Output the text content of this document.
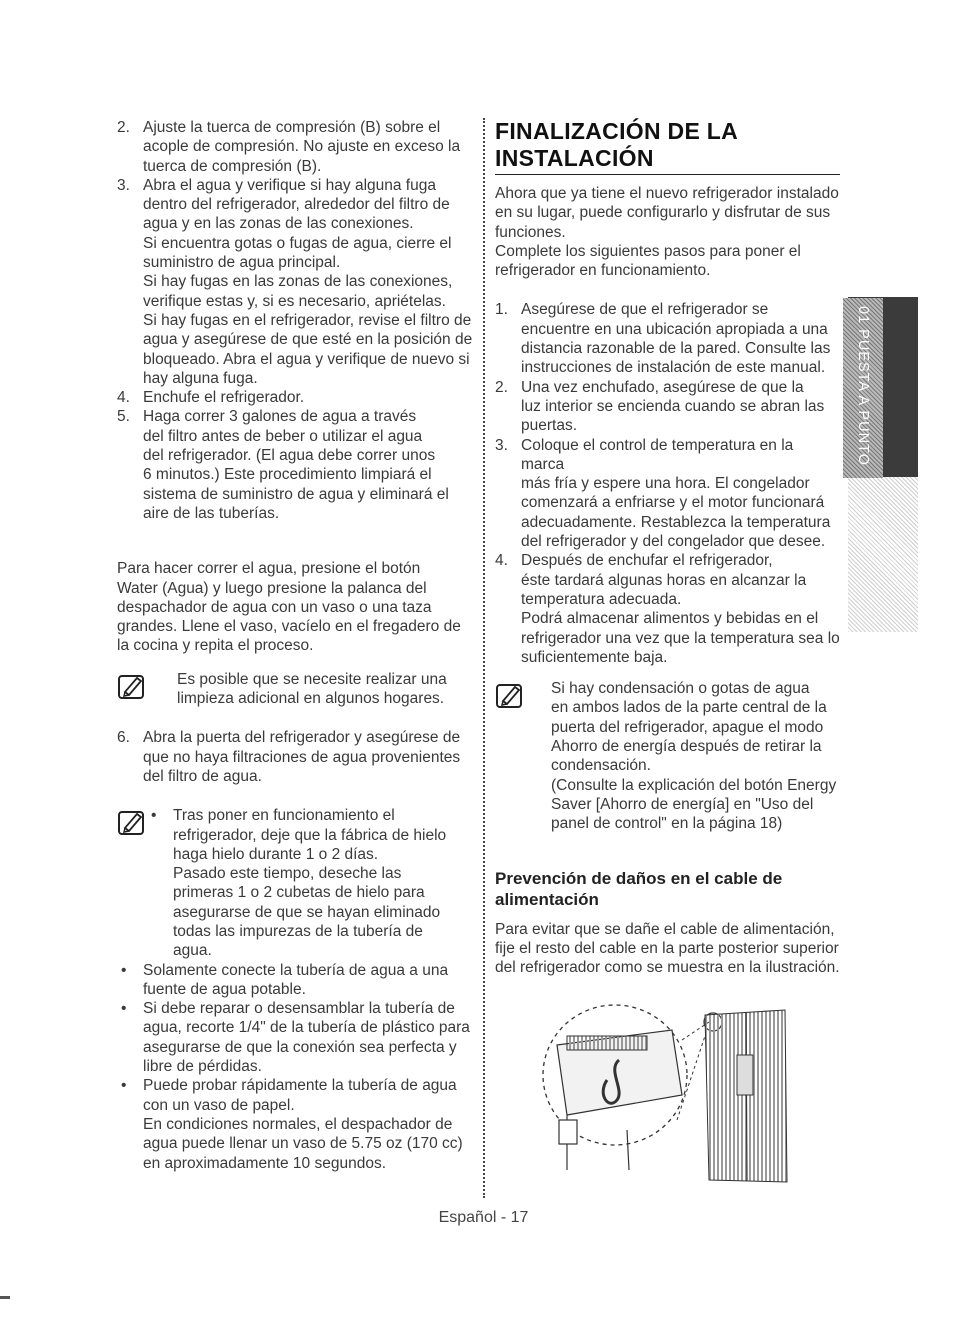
2. Ajuste la tuerca de compresión (B) sobre el
acople de compresión. No ajuste en exceso la
tuerca de compresión (B).
3. Abra el agua y verifique si hay alguna fuga
dentro del refrigerador, alrededor del filtro de
agua y en las zonas de las conexiones.
Si encuentra gotas o fugas de agua, cierre el
suministro de agua principal.
Si hay fugas en las zonas de las conexiones,
verifique estas y, si es necesario, apriételas.
Si hay fugas en el refrigerador, revise el filtro de
agua y asegúrese de que esté en la posición de
bloqueado. Abra el agua y verifique de nuevo si
hay alguna fuga.
4. Enchufe el refrigerador.
5. Haga correr 3 galones de agua a través
del filtro antes de beber o utilizar el agua
del refrigerador. (El agua debe correr unos
6 minutos.) Este procedimiento limpiará el
sistema de suministro de agua y eliminará el
aire de las tuberías.

Para hacer correr el agua, presione el botón
Water (Agua) y luego presione la palanca del
despachador de agua con un vaso o una taza
grandes. Llene el vaso, vacíelo en el fregadero de
la cocina y repita el proceso.

Es posible que se necesite realizar una
limpieza adicional en algunos hogares.

6. Abra la puerta del refrigerador y asegúrese de
que no haya filtraciones de agua provenientes
del filtro de agua.
•	Tras poner en funcionamiento el
refrigerador, deje que la fábrica de hielo
haga hielo durante 1 o 2 días.
Pasado este tiempo, deseche las
primeras 1 o 2 cubetas de hielo para
asegurarse de que se hayan eliminado
todas las impurezas de la tubería de
agua.

•	Solamente conecte la tubería de agua a una
fuente de agua potable.
•	Si debe reparar o desensamblar la tubería de
agua, recorte 1/4" de la tubería de plástico para
asegurarse de que la conexión sea perfecta y
libre de pérdidas.
•	Puede probar rápidamente la tubería de agua
con un vaso de papel.
En condiciones normales, el despachador de
agua puede llenar un vaso de 5.75 oz (170 cc)
en aproximadamente 10 segundos.
FINALIZACIÓN DE LA
INSTALACIÓN

Ahora que ya tiene el nuevo refrigerador instalado
en su lugar, puede configurarlo y disfrutar de sus
funciones.
Complete los siguientes pasos para poner el
refrigerador en funcionamiento.

1. Asegúrese de que el refrigerador se
encuentre en una ubicación apropiada a una
distancia razonable de la pared. Consulte las
instrucciones de instalación de este manual.
2. Una vez enchufado, asegúrese de que la
luz interior se encienda cuando se abran las
puertas.
3. Coloque el control de temperatura en la marca
más fría y espere una hora. El congelador
comenzará a enfriarse y el motor funcionará
adecuadamente. Restablezca la temperatura
del refrigerador y del congelador que desee.
4. Después de enchufar el refrigerador,
éste tardará algunas horas en alcanzar la
temperatura adecuada.
Podrá almacenar alimentos y bebidas en el
refrigerador una vez que la temperatura sea lo
suficientemente baja.

Si hay condensación o gotas de agua
en ambos lados de la parte central de la
puerta del refrigerador, apague el modo
Ahorro de energía después de retirar la
condensación.
(Consulte la explicación del botón Energy
Saver [Ahorro de energía] en "Uso del
panel de control" en la página 18)

Prevención de daños en el cable de
alimentación

Para evitar que se dañe el cable de alimentación,
fije el resto del cable en la parte posterior superior
del refrigerador como se muestra en la ilustración.

01 PUESTA A PUNTO
Español - 17
